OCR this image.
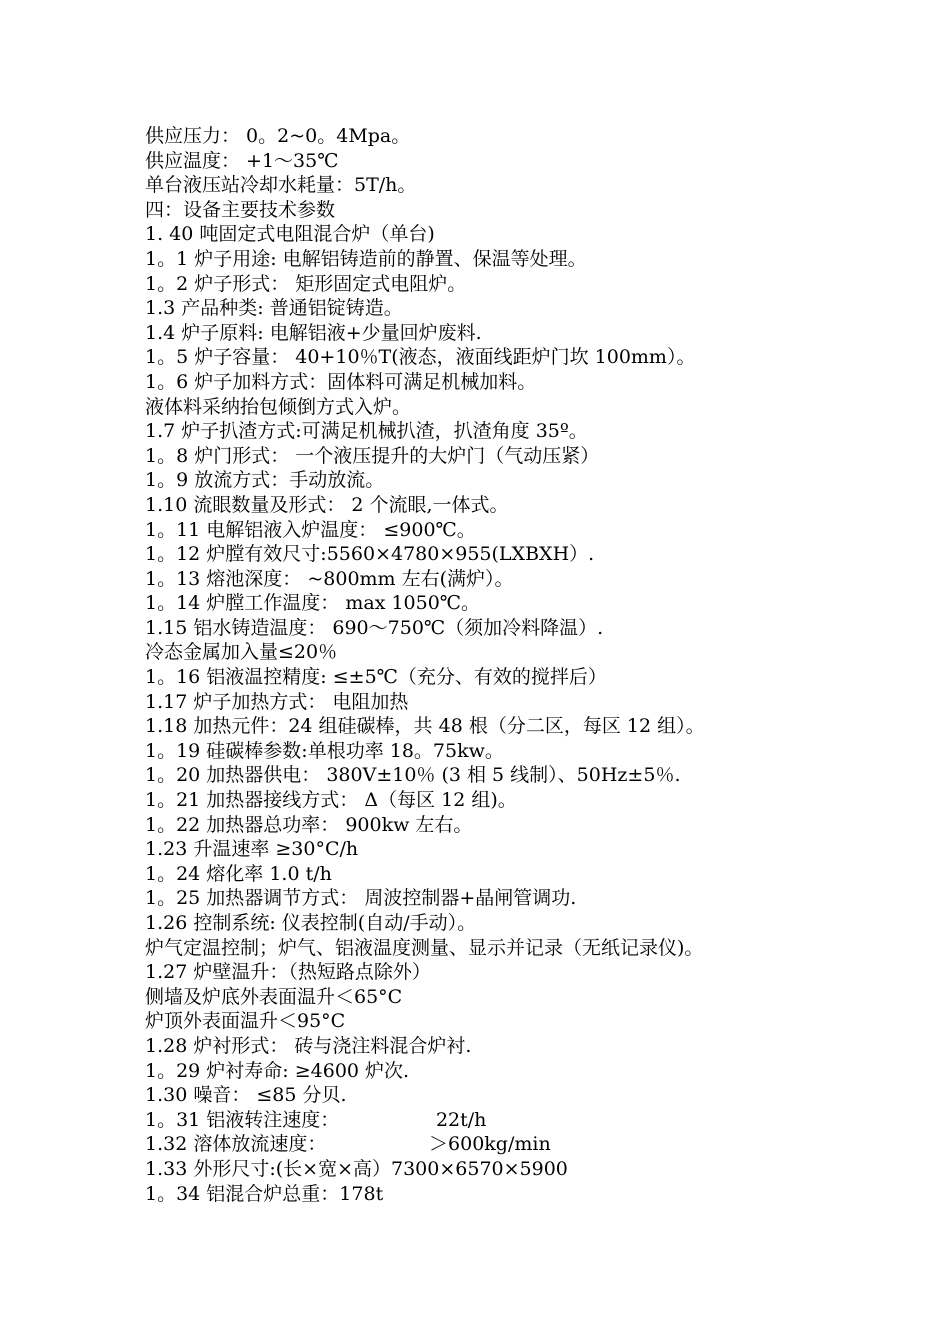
供应压力： 0。2~0。4Mpa。
供应温度： +1～35℃
单台液压站冷却水耗量：5T/h。
四：设备主要技术参数
1. 40 吨固定式电阻混合炉（单台)
1。1 炉子用途: 电解铝铸造前的静置、保温等处理。
1。2 炉子形式： 矩形固定式电阻炉。
1.3 产品种类: 普通铝锭铸造。
1.4 炉子原料: 电解铝液+少量回炉废料.
1。5 炉子容量： 40+10％T(液态，液面线距炉门坎 100mm）。
1。6 炉子加料方式：固体料可满足机械加料。
液体料采纳抬包倾倒方式入炉。
1.7 炉子扒渣方式:可满足机械扒渣，扒渣角度 35º。
1。8 炉门形式： 一个液压提升的大炉门（气动压紧）
1。9 放流方式：手动放流。
1.10 流眼数量及形式： 2 个流眼,一体式。
1。11 电解铝液入炉温度： ≤900℃。
1。12 炉膛有效尺寸:5560×4780×955(LXBXH）.
1。13 熔池深度： ~800mm 左右(满炉）。
1。14 炉膛工作温度： max 1050℃。
1.15 铝水铸造温度： 690～750℃（须加冷料降温）.
冷态金属加入量≤20％
1。16 铝液温控精度: ≤±5℃（充分、有效的搅拌后）
1.17 炉子加热方式： 电阻加热
1.18 加热元件：24 组硅碳棒，共 48 根（分二区，每区 12 组）。
1。19 硅碳棒参数:单根功率 18。75kw。
1。20 加热器供电： 380V±10％ (3 相 5 线制）、50Hz±5％.
1。21 加热器接线方式： Δ（每区 12 组)。
1。22 加热器总功率： 900kw 左右。
1.23 升温速率 ≥30°C/h
1。24 熔化率 1.0 t/h
1。25 加热器调节方式： 周波控制器+晶闸管调功.
1.26 控制系统: 仪表控制(自动/手动）。
炉气定温控制；炉气、铝液温度测量、显示并记录（无纸记录仪)。
1.27 炉壁温升：（热短路点除外）
侧墙及炉底外表面温升＜65°C
炉顶外表面温升＜95°C
1.28 炉衬形式： 砖与浇注料混合炉衬.
1。29 炉衬寿命: ≥4600 炉次.
1.30 噪音： ≤85 分贝.
1。31 铝液转注速度：                22t/h
1.32 溶体放流速度：                 ＞600kg/min
1.33 外形尺寸:(长×宽×高）7300×6570×5900
1。34 铝混合炉总重：178t
